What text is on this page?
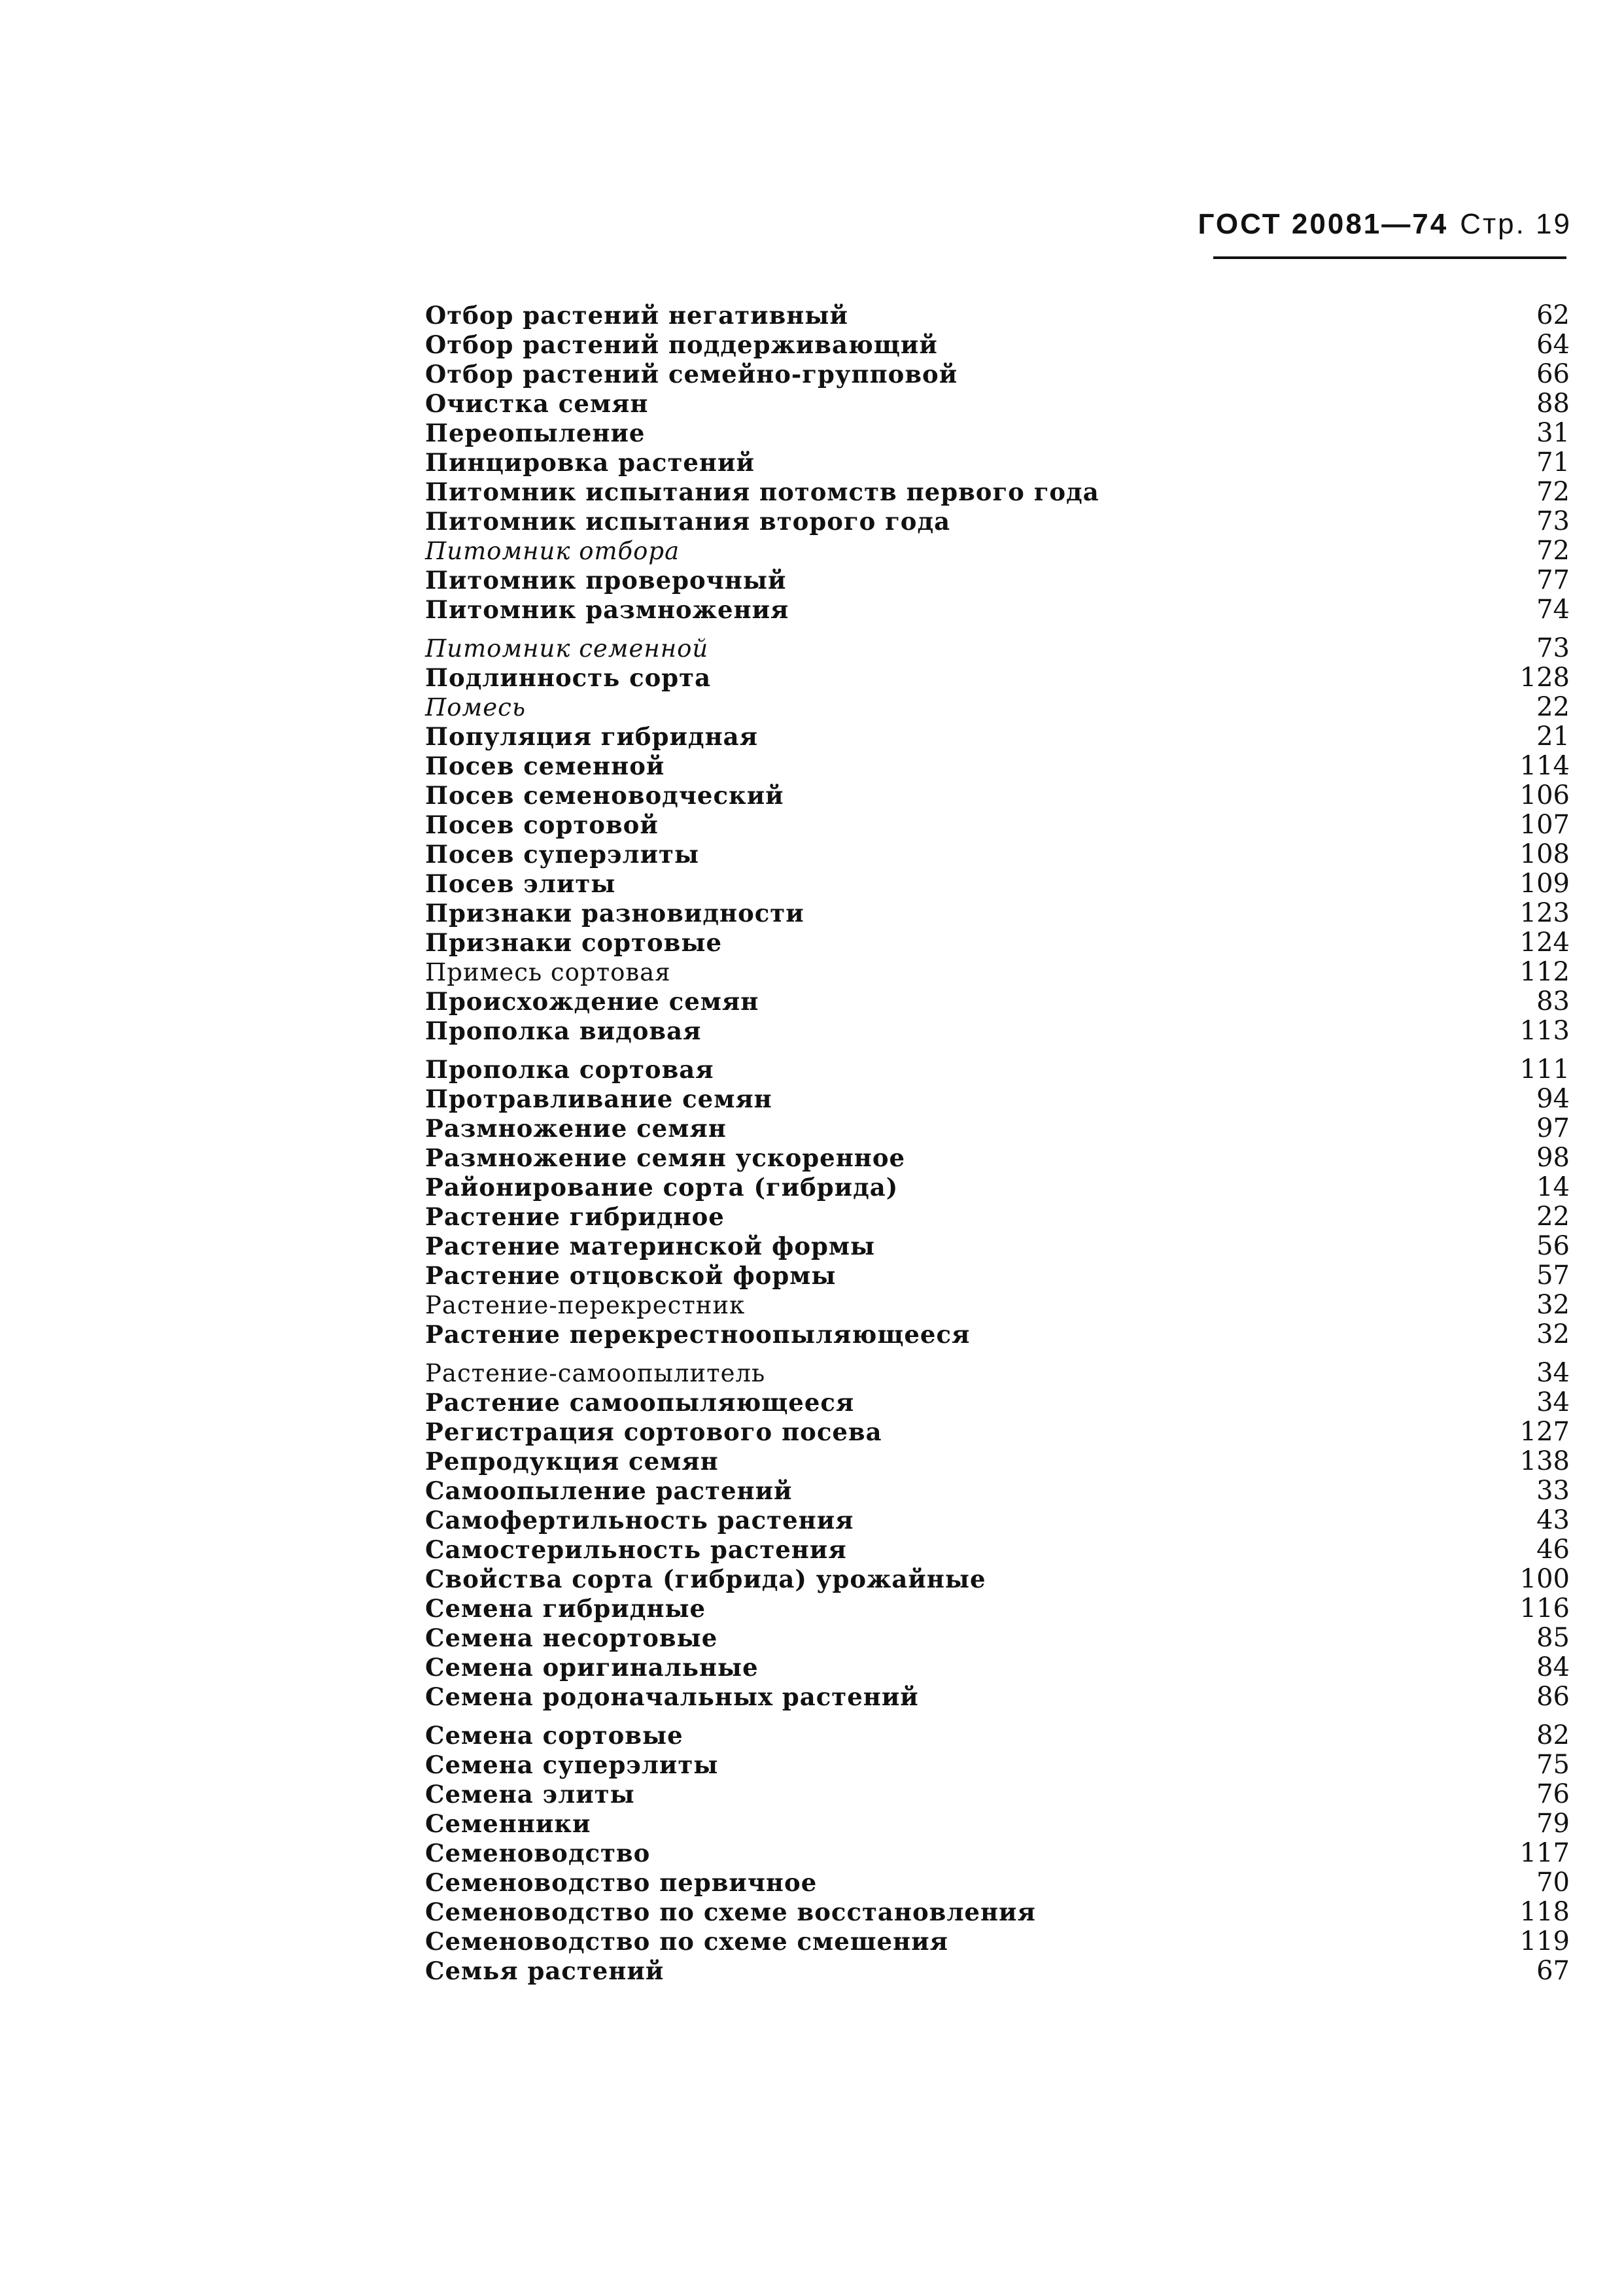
ГОСТ 20081—74 Стр. 19
Отбор растений негативный	62
Отбор растений поддерживающий	64
Отбор растений семейно-групповой	66
Очистка семян	88
Переопыление	31
Пинцировка растений	71
Питомник испытания потомств первого года	72
Питомник испытания второго года	73
Питомник отбора	72
Питомник проверочный	77
Питомник размножения	74
Питомник семенной	73
Подлинность сорта	128
Помесь	22
Популяция гибридная	21
Посев семенной	114
Посев семеноводческий	106
Посев сортовой	107
Посев суперэлиты	108
Посев элиты	109
Признаки разновидности	123
Признаки сортовые	124
Примесь сортовая	112
Происхождение семян	83
Прополка видовая	113
Прополка сортовая	111
Протравливание семян	94
Размножение семян	97
Размножение семян ускоренное	98
Районирование сорта (гибрида)	14
Растение гибридное	22
Растение материнской формы	56
Растение отцовской формы	57
Растение-перекрестник	32
Растение перекрестноопыляющееся	32
Растение-самоопылитель	34
Растение самоопыляющееся	34
Регистрация сортового посева	127
Репродукция семян	138
Самоопыление растений	33
Самофертильность растения	43
Самостерильность растения	46
Свойства сорта (гибрида) урожайные	100
Семена гибридные	116
Семена несортовые	85
Семена оригинальные	84
Семена родоначальных растений	86
Семена сортовые	82
Семена суперэлиты	75
Семена элиты	76
Семенники	79
Семеноводство	117
Семеноводство первичное	70
Семеноводство по схеме восстановления	118
Семеноводство по схеме смешения	119
Семья растений	67
